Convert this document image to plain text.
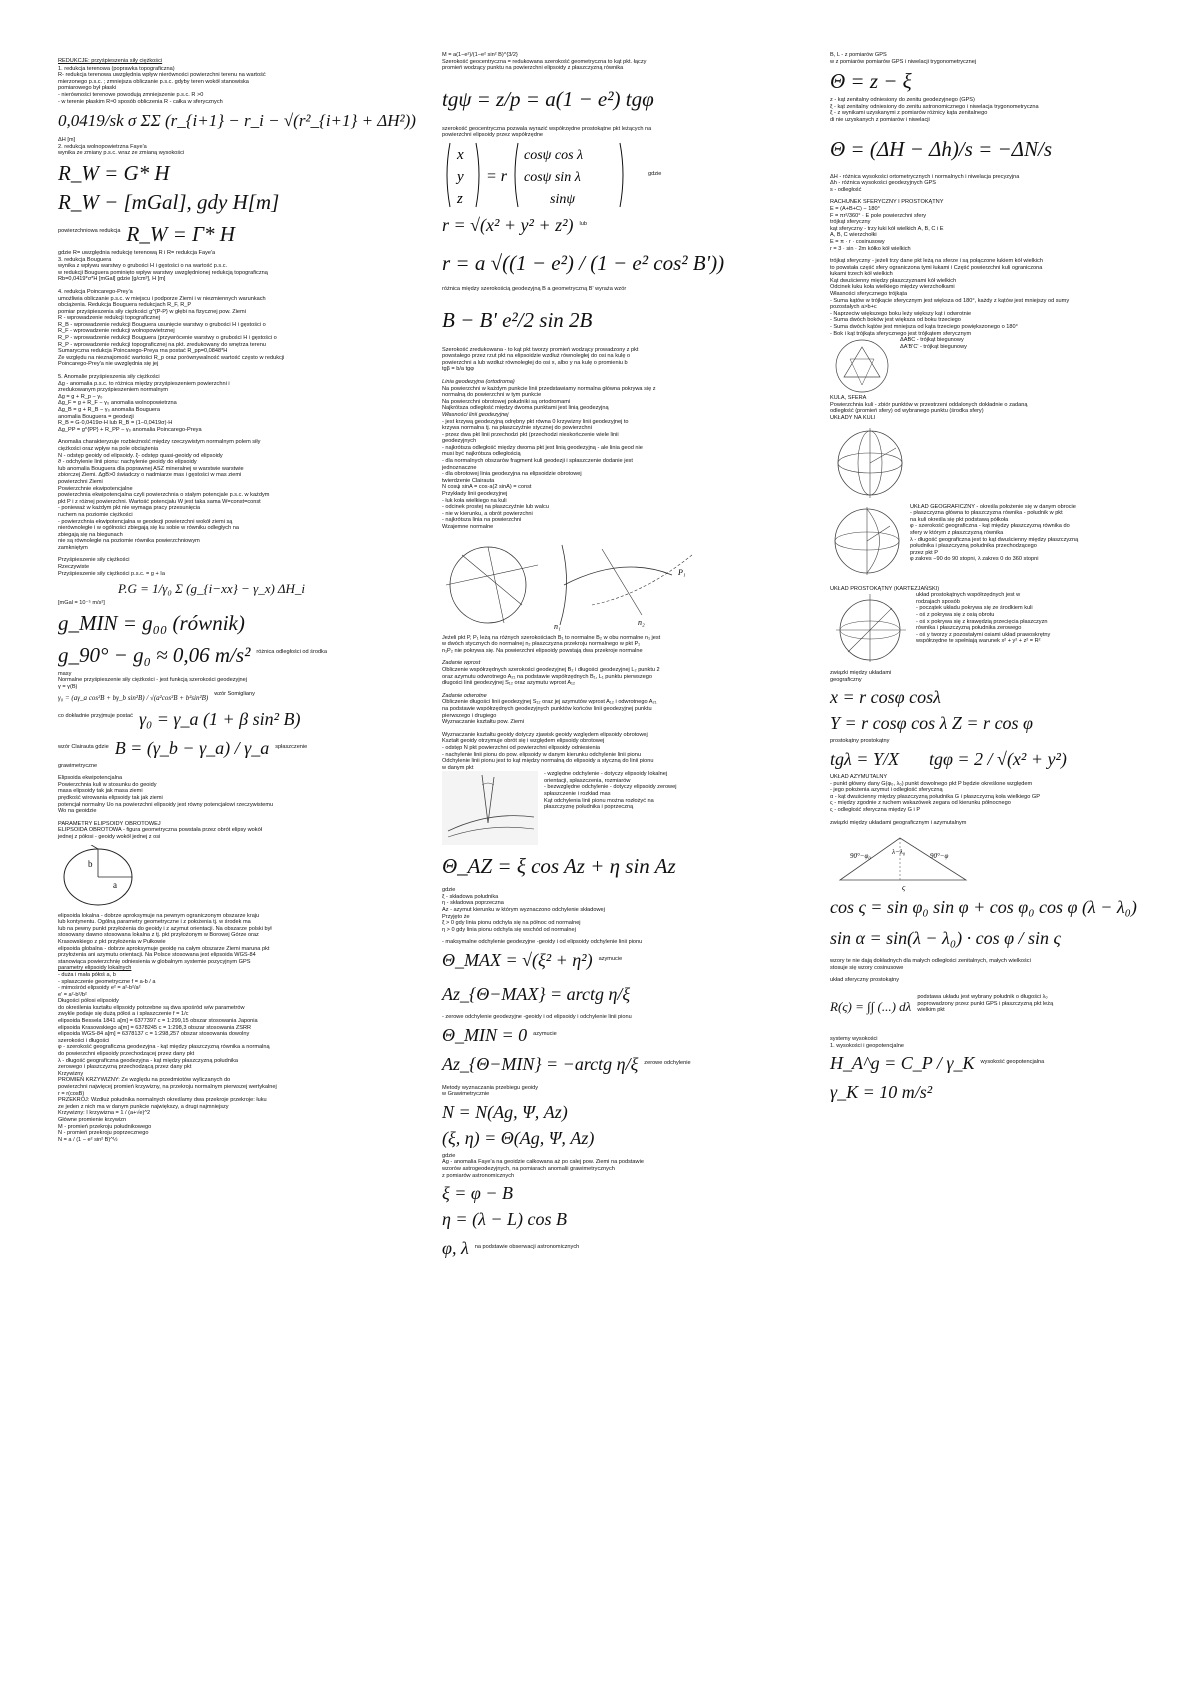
REDUKCJE: przyśpieszenia siły ciężkości

1. redukcja terenowa (poprawka topograficzna)

R- redukcja terenowa uwzględnia wpływ nierówności powierzchni terenu na wartość

mierzonego p.s.c. ; zmniejsza obliczanie p.s.c. gdyby teren wokół stanowiska

pomiarowego był płaski

- nierówności terenowe powodują zmniejszenie p.s.c. R >0

- w terenie płaskim R≈0 sposób obliczenia R - całka w sferycznych

0,0419/sk σ ΣΣ (r_{i+1} − r_i − √(r²_{i+1} + ΔH²))

ΔH [m]

2. redukcja wolnopowietrzna Faye'a

wynika ze zmiany p.s.c. wraz ze zmianą wysokości

R_W = G* H

R_W − [mGal], gdy H[m]

powierzchniowa redukcja R_W = Γ* H

gdzie R= uwzględnia redukcję terenową R i R= redukcja Faye'a

3. redukcja Bouguera

wynika z wpływu warstwy o grubości H i gęstości o na wartość p.s.c.

w redukcji Bouguera pominięto wpływ warstwy uwzględnionej redukcją topograficzną

Rb=0,0419*σ*H [mGal] gdzie [g/cm³], H [m]

4. redukcja Poincarego-Prey'a

umożliwia obliczanie p.s.c. w miejscu i podporze Ziemi i w niezmiennych warunkach

obciążenia. Redukcja Bouguera redukcjach R_F, R_P

pomiar przyśpieszenia siły ciężkości g^{P-P} w głębi na fizycznej pow. Ziemi

R - wprowadzenie redukcji topograficznej

R_B - wprowadzenie redukcji Bouguera usunięcie warstwy o grubości H i gęstości o

R_F - wprowadzenie redukcji wolnopowietrznej

R_P - wprowadzenie redukcji Bouguera (przywrócenie warstwy o grubości H i gęstości o

R_P - wprowadzenie redukcji topograficznej na pkt. zredukowany do wnętrza terenu

Sumaryczna redukcja Poincarego-Preya rna postać R_pp=0,0848*H

Ze względu na nieznajomość wartości R_p oraz porównywalność wartość często w redukcji

Poincarego-Prey'a nie uwzględnia się jej

5. Anomalie przyśpieszenia siły ciężkości

Δg - anomalia p.s.c. to różnica między przyśpieszeniem powierzchni i

zredukowanym przyśpieszeniem normalnym

Δg = g + R_p − γ₀

Δg_F = g + R_F − γ₀ anomalia wolnopowietrzna

Δg_B = g + R_B − γ₀ anomalia Bouguera

anomalia Bouguera = geodezji

R_B = G·0,0419σ·H lub R_B = (1−0,0419σ)·H

Δg_PP = g^{PP} + R_PP − γ₀ anomalia Poincarego-Preya

Anomalia charakteryzuje rozbieżność między rzeczywistym normalnym polem siły

ciężkości oraz wpływ na pole obciążenia

N - odstęp geoidy od elipsoidy. ξ- odstęp quasi-geoidy od elipsoidy

ϑ - odchylenie linii pionu: nachylenie geoidy do elipsoidy

lub anomalia Bouguera dla poprawnej ASZ mineralnej w warstwie warstwie

zbiorczej Ziemi. ΔgB>0 świadczy o nadmiarze mas i gęstości w mas ziemi

powierzchni Ziemi

Powierzchnie ekwipotencjalne

powierzchnia ekwipotencjalna czyli powierzchnia o stałym potencjale p.s.c. w każdym

pkt P i z różnej powierzchni. Wartość potencjału W jest taka sama W=const=const

- ponieważ w każdym pkt nie wymaga pracy przesunięcia

ruchem na poziomie ciężkości

- powierzchnia ekwipotencjalna w geodezji powierzchni wokół ziemi są

nierównoległe i w ogólności zbiegają się ku sobie w równiku odległych na

zbiegają się na biegunach

nie są równoległe na poziomie równika powierzchniowym

zamkniętym

Przyśpieszenie siły ciężkości

Rzeczywiste

Przyśpieszenie siły ciężkości p.s.c. = g + Ia

P.G = 1/γ₀ Σ (g_{i−xx} − γ_x) ΔH_i

[mGal = 10⁻⁵ m/s²]

g_MIN = g₀₀ (równik)

g_90° − g₀ ≈ 0,06 m/s² różnica odległości od środka

masy

Normalne przyśpieszenie siły ciężkości - jest funkcją szerokości geodezyjnej

γ = γ(B)

γ₀ = (aγ_a cos²B + bγ_b sin²B) / √(a²cos²B + b²sin²B) wzór Somigliany
co dokładnie przyjmuje postać γ₀ = γ_a (1 + β sin² B)
wzór Clairauta gdzie B = (γ_b − γ_a) / γ_a spłaszczenie

grawimetryczne

Elipsoida ekwipotencjalna

Powierzchnia kuli w stosunku do geoidy

masa elipsoidy tak jak masa ziemi

prędkość wirowania elipsoidy tak jak ziemi

potencjał normalny Uo na powierzchni elipsoidy jest równy potencjałowi rzeczywistemu

Wo na geoidzie

PARAMETRY ELIPSOIDY OBROTOWEJ

ELIPSOIDA OBROTOWA - figura geometryczna powstała przez obrót elipsy wokół

jednej z półosi - geoidy wokół jednej z osi

a
b

elipsoida lokalna - dobrze aproksymuje na pewnym ograniczonym obszarze kraju

lub kontynentu. Ogólną parametry geometryczne i z położenia tj. w środek ma

lub na pewny punkt przyłożenia do geoidy i z azymut orientacji. Na obszarze polski był

stosowany dawno stosowana lokalna z tj. pkt przyłożonym w Borowej Górze oraz

Krasowskiego z pkt przyłożenia w Pułkowie

elipsoida globalna - dobrze aproksymuje geoidę na całym obszarze Ziemi maruna pkt

przyłożenia ani azymutu orientacji. Na Polsce stosowana jest elipsoida WGS-84

stanowiąca powierzchnię odniesienia w globalnym systemie pozycyjnym GPS

parametry elipsoidy lokalnych

- duża i mała półoś a, b

- spłaszczenie geometryczne f = a-b / a

- mimośród elipsoidy e² = a²-b²/a²

e' = a²-b²/b²

Długości półosi elipsoidy

do określenia kształtu elipsoidy potrzebne są dwa spośród w/w parametrów

zwykle podaje się dużą półoś a i spłaszczenie f = 1/c

elipsoida Bessela 1841 a[m] = 6377397 c = 1:299,15 obszar stosowania Japonia

elipsoida Krasowskiego a[m] = 6378245 c = 1:298,3 obszar stosowania ZSRR

elipsoida WGS-84 a[m] = 6378137 c = 1:298,257 obszar stosowania dowolny

szerokości i długości

φ - szerokość geograficzna geodezyjna - kąt między płaszczyzną równika a normalną

do powierzchni elipsoidy przechodzącej przez dany pkt

λ - długość geograficzna geodezyjna - kąt między płaszczyzną południka

zerowego i płaszczyzną przechodzącą przez dany pkt

Krzywizny

PROMIEŃ KRZYWIZNY: Ze względu na przedmiotów wyliczanych do

powierzchni najwięcej promień krzywizny, na przekroju normalnym pierwszej wertykalnej

r = r(cosB)

PRZEKRÓJ: Wzdłuż południka normalnych określamy dwa przekroje przekroje: łuku

ze jeden z nich ma w danym punkcie największy, a drugi najmniejszy

Krzywizny: I krzywizna = 1 / (a+√e)^2

Główne promienie krzywizn

M - promień przekroju południkowego

N - promień przekroju poprzecznego

N = a / (1 − e² sin² B)^½

M = a(1−e²)/(1−e² sin² B)^{3/2}

Szerokość geocentryczna = redukowana szerokość geometryczna to kąt pkt. łączy

promień wodzący punktu na powierzchni elipsoidy z płaszczyzną równika

tgψ = z/p = a(1 − e²) tgφ

szerokość geocentryczna pozwala wyrazić współrzędne prostokątne pkt leżących na

powierzchni elipsoidy przez współrzędne

x
y
z
= r
cosψ cos λ
cosψ sin λ
sinψ
gdzie
r = √(x² + y² + z²) lub

r = a √((1 − e²) / (1 − e² cos² B'))

różnica między szerokością geodezyjną B a geometryczną B' wyraża wzór

B − B' e²/2 sin 2B

Szerokość zredukowana - to kąt pkt tworzy promień wodzący prowadzony z pkt

powstałego przez rzut pkt na elipsoidzie wzdłuż równoległej do osi na kulę o

powierzchni a lub wzdłuż równoległej do osi x, albo y na kulę o promieniu b

tgβ = b/a tgφ

Linia geodezyjna (ortodroma)

Na powierzchni w każdym punkcie linii przedstawiamy normalna główna pokrywa się z

normalną do powierzchni w tym punkcie

Na powierzchni obrotowej południki są ortodromami

Najkrótsza odległość między dwoma punktami jest linią geodezyjną

Własności linii geodezyjnej

- jest krzywą geodezyjną odrębny pkt równa 0 krzywizny linii geodezyjnej to

krzywa normalna tj. na płaszczyźnie stycznej do powierzchni

- przez dwa pkt linii przechodzi pkt (przechodzi nieskończenie wiele linii

geodezyjnych

- najkrótsza odległość między dwoma pkt jest linią geodezyjną - ale linia geod nie

musi być najkrótsza odległością

- dla normalnych obszarów fragment kuli geodezji i spłaszczenie dodanie jest

jednoznaczne

- dla obrotowej linia geodezyjna na elipsoidzie obrotowej

twierdzenie Clairauta

N cosψ sinA = cos·a(2 sinA) = const

Przykłady linii geodezyjnej

- łuk koła wielkiego na kuli

- odcinek prostej na płaszczyźnie lub walcu

- nie w kierunku, a obrót powierzchni

- najkrótsza linia na powierzchni

Wzajemne normalne

P₁
n₂
n₁

Jeżeli pkt P, P₁ leżą na różnych szerokościach B₁ to normalne B₂ w obu normalne n₁ jest

w dwóch stycznych do normalnej n₂ płaszczyzna przekroju normalnego w pkt P₁

n₁P₂ nie pokrywa się. Na powierzchni elipsoidy powstają dwa przekroje normalne

Zadanie wprost

Obliczenie współrzędnych szerokości geodezyjnej B₂ i długości geodezyjnej L₂ punktu 2

oraz azymutu odwrotnego A₂₁ na podstawie współrzędnych B₁, L₁ punktu pierwszego

długości linii geodezyjnej S₁₂ oraz azymutu wprost A₁₂

Zadanie odwrotne

Obliczenie długości linii geodezyjnej S₁₂ oraz jej azymutów wprost A₁₂ i odwrotnego A₂₁

na podstawie współrzędnych geodezyjnych punktów końców linii geodezyjnej punktu

pierwszego i drugiego

Wyznaczanie kształtu pow. Ziemi

Wyznaczanie kształtu geoidy dotyczy zjawisk geoidy względem elipsoidy obrotowej

Kształt geoidy otrzymuje obrót się i względem elipsoidy obrotowej

- odstęp N pkt powierzchni od powierzchni elipsoidy odniesienia

- nachylenie linii pionu do pow. elipsoidy w danym kierunku odchylenie linii pionu

Odchylenie linii pionu jest to kąt między normalną do elipsoidy a styczną do linii pionu

w danym pkt

- względne odchylenie - dotyczy elipsoidy lokalnej

orientacji, spłaszczenia, rozmiarów

- bezwzględne odchylenie - dotyczy elipsoidy zerowej

spłaszczenie i rozkład mas

Kąt odchylenia linii pionu można rozłożyć na

płaszczyznę południka i poprzeczną

Θ_AZ = ξ cos Az + η sin Az

gdzie

ξ - składowa południka

η - składowa poprzeczna

Az - azymut kierunku w którym wyznaczono odchylenie składowej

Przyjęto że

ξ > 0 gdy linia pionu odchyla się na północ od normalnej

η > 0 gdy linia pionu odchyla się wschód od normalnej

- maksymalne odchylenie geodezyjne -geoidy i od elipsoidy odchylenie linii pionu

Θ_MAX = √(ξ² + η²) azymucie

Az_{Θ−MAX} = arctg η/ξ

- zerowe odchylenie geodezyjne -geoidy i od elipsoidy i odchylenie linii pionu

Θ_MIN = 0 azymucie
Az_{Θ−MIN} = −arctg η/ξ zerowe odchylenie

Metody wyznaczania przebiegu geoidy

w Grawimetrycznie

N = N(Ag, Ψ, Az)

(ξ, η) = Θ(Ag, Ψ, Az)

gdzie

Ag - anomalia Faye'a na geoidzie całkowana aż po całej pow. Ziemi na podstawie

wzorów astrogeodezyjnych, na pomiarach anomalii grawimetrycznych

z pomiarów astronomicznych

ξ = φ − B

η = (λ − L) cos B

φ, λ na podstawie obserwacji astronomicznych

B, L - z pomiarów GPS

w z pomiarów pomiarów GPS i niwelacji trygonometrycznej

Θ = z − ξ

z - kąt zenitalny odniesiony do zenitu geodezyjnego (GPS)

ξ - kąt zenitalny odniesiony do zenitu astronomicznego i niwelacja trygonometryczna

ξ - z wynikami uzyskanymi z pomiarów różnicy kąta zenitalnego

di nie uzyskanych z pomiarów i niwelacji

Θ = (ΔH − Δh)/s = −ΔN/s

ΔH - różnica wysokości ortometrycznych i normalnych i niwelacja precyzyjna

Δh - różnica wysokości geodezyjnych GPS

s - odległość

RACHUNEK SFERYCZNY I PROSTOKĄTNY

E = (A+B+C) − 180°

F = πr²/360° · E pole powierzchni sfery

trójkąt sferyczny

kąt sferyczny - trzy łuki kół wielkich A, B, C i E

A, B, C wierzchołki

E = π · r · cosinusowy

r = 3 · sin · 2m kółko kół wielkich

trójkąt sferyczny - jeżeli trzy dane pkt leżą na sferze i są połączone łukiem kół wielkich

to powstała część sfery ograniczona tymi łukami i Część powierzchni kuli ograniczona

łukami trzech kół wielkich

Kąt dwuścienny między płaszczyznami kół wielkich

Odcinek łuku koła wielkiego między wierzchołkami

Własności sferycznego trójkąta

- Suma kątów w trójkącie sferycznym jest większa od 180°, każdy z kątów jest mniejszy od sumy

pozostałych a>b+c

- Naprzeciw większego boku leży większy kąt i odwrotnie

- Suma dwóch boków jest większa od boku trzeciego

- Suma dwóch kątów jest mniejsza od kąta trzeciego powiększonego o 180°

- Bok i kąt trójkąta sferycznego jest trójkątem sferycznym

ΔABC - trójkąt biegunowy

ΔA'B'C' - trójkąt biegunowy

KULA, SFERA

Powierzchnia kuli - zbiór punktów w przestrzeni oddalonych dokładnie o zadaną

odległość (promień sfery) od wybranego punktu (środka sfery)

UKŁADY NA KULI

UKŁAD GEOGRAFICZNY - określa położenie się w danym obrocie

- płaszczyzna główna to płaszczyzna równika - południk w pkt

na kuli określa się pkt podstawą półkoła

φ - szerokość geograficzna - kąt między płaszczyzną równika do

sfery w którym z płaszczyzną równika

λ - długość geograficzna jest to kąt dwuścienny między płaszczyzną

południka i płaszczyzną południka przechodzącego

przez pkt P

φ zakres −90 do 90 stopni, λ zakres 0 do 360 stopni

UKŁAD PROSTOKĄTNY (KARTEZJAŃSKI)

układ prostokątnych współrzędnych jest w

rodzajach sposób

- początek układu pokrywa się ze środkiem kuli

- oś z pokrywa się z osią obrotu

- oś x pokrywa się z krawędzią przecięcia płaszczyzn

równika i płaszczyzną południka zerowego

- oś y tworzy z pozostałymi osiami układ prawoskrętny

współrzędne te spełniają warunek x² + y² + z² = R²

związki między układami

geograficzny

x = r cosφ cosλ

Y = r cosφ cos λ Z = r cos φ

prostokątny prostokątny

tgλ = Y/X tgφ = 2 / √(x² + y²)

UKŁAD AZYMUTALNY

- punkt główny dany G(φ₀, λ₀) punkt dowolnego pkt P będzie określone względem

- jego położenia azymut i odległość sferyczną

α - kąt dwuścienny między płaszczyzną południka G i płaszczyzną koła wielkiego GP

ς - między zgodnie z ruchem wskazówek zegara od kierunku północnego

ς - odległość sferyczna między G i P

związki między układami geograficznym i azymutalnym

λ−λ₀
90°−φ₀	90°−φ
ς

cos ς = sin φ₀ sin φ + cos φ₀ cos φ (λ − λ₀)

sin α = sin(λ − λ₀) · cos φ / sin ς

wzory te nie dają dokładnych dla małych odległości zenitalnych, małych wielkości

stosuje się wzory cosinusowe

układ sferyczny prostokątny

R(ς) = ∫∫ (...) dλ

podstawa układu jest wybrany południk o długości λ₀

poprowadzony przez punkt GPS i płaszczyzną pkt leżą

wielkim pkt

systemy wysokości

1. wysokości i geopotencjalne

H_A^g = C_P / γ_K wysokość geopotencjalna

γ_K = 10 m/s²
